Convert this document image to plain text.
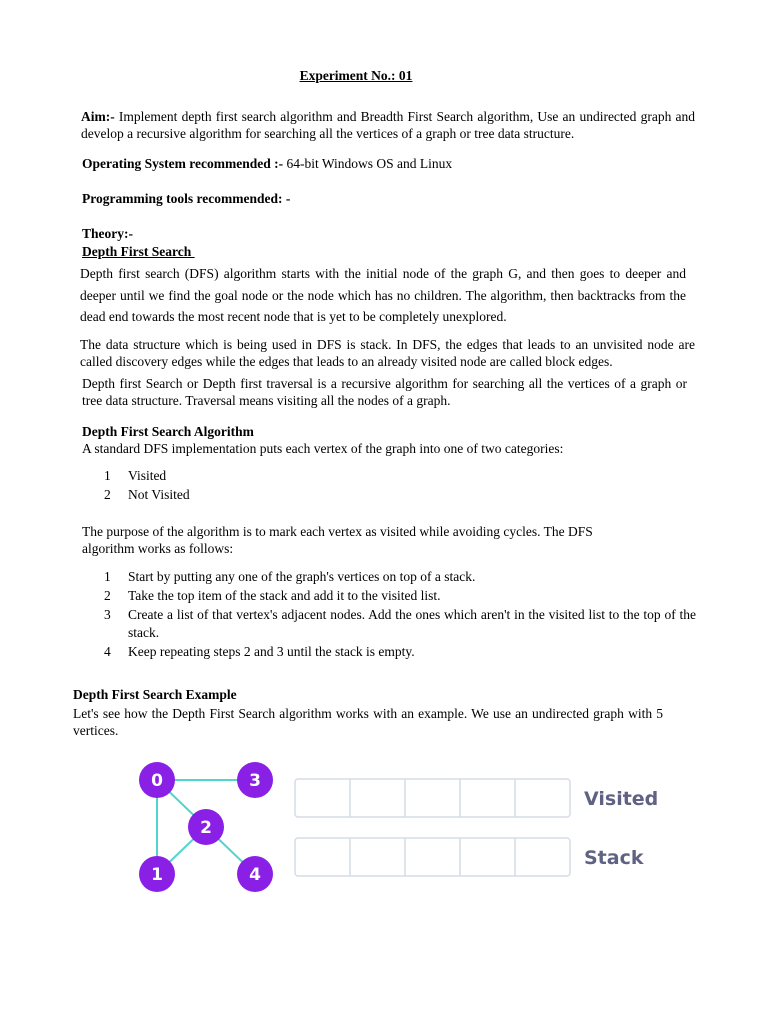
Experiment No.: 01
Aim:- Implement depth first search algorithm and Breadth First Search algorithm, Use an undirected graph and develop a recursive algorithm for searching all the vertices of a graph or tree data structure.
Operating System recommended :- 64-bit Windows OS and Linux
Programming tools recommended: -
Theory:-
Depth First Search
Depth first search (DFS) algorithm starts with the initial node of the graph G, and then goes to deeper and deeper until we find the goal node or the node which has no children. The algorithm, then backtracks from the dead end towards the most recent node that is yet to be completely unexplored.
The data structure which is being used in DFS is stack. In DFS, the edges that leads to an unvisited node are called discovery edges while the edges that leads to an already visited node are called block edges.
Depth first Search or Depth first traversal is a recursive algorithm for searching all the vertices of a graph or tree data structure. Traversal means visiting all the nodes of a graph.
Depth First Search Algorithm
A standard DFS implementation puts each vertex of the graph into one of two categories:
1 Visited
2 Not Visited
The purpose of the algorithm is to mark each vertex as visited while avoiding cycles. The DFS algorithm works as follows:
1 Start by putting any one of the graph's vertices on top of a stack.
2 Take the top item of the stack and add it to the visited list.
3 Create a list of that vertex's adjacent nodes. Add the ones which aren't in the visited list to the top of the stack.
4 Keep repeating steps 2 and 3 until the stack is empty.
Depth First Search Example
Let's see how the Depth First Search algorithm works with an example. We use an undirected graph with 5 vertices.
0	3
2
1	4
Visited
Stack
